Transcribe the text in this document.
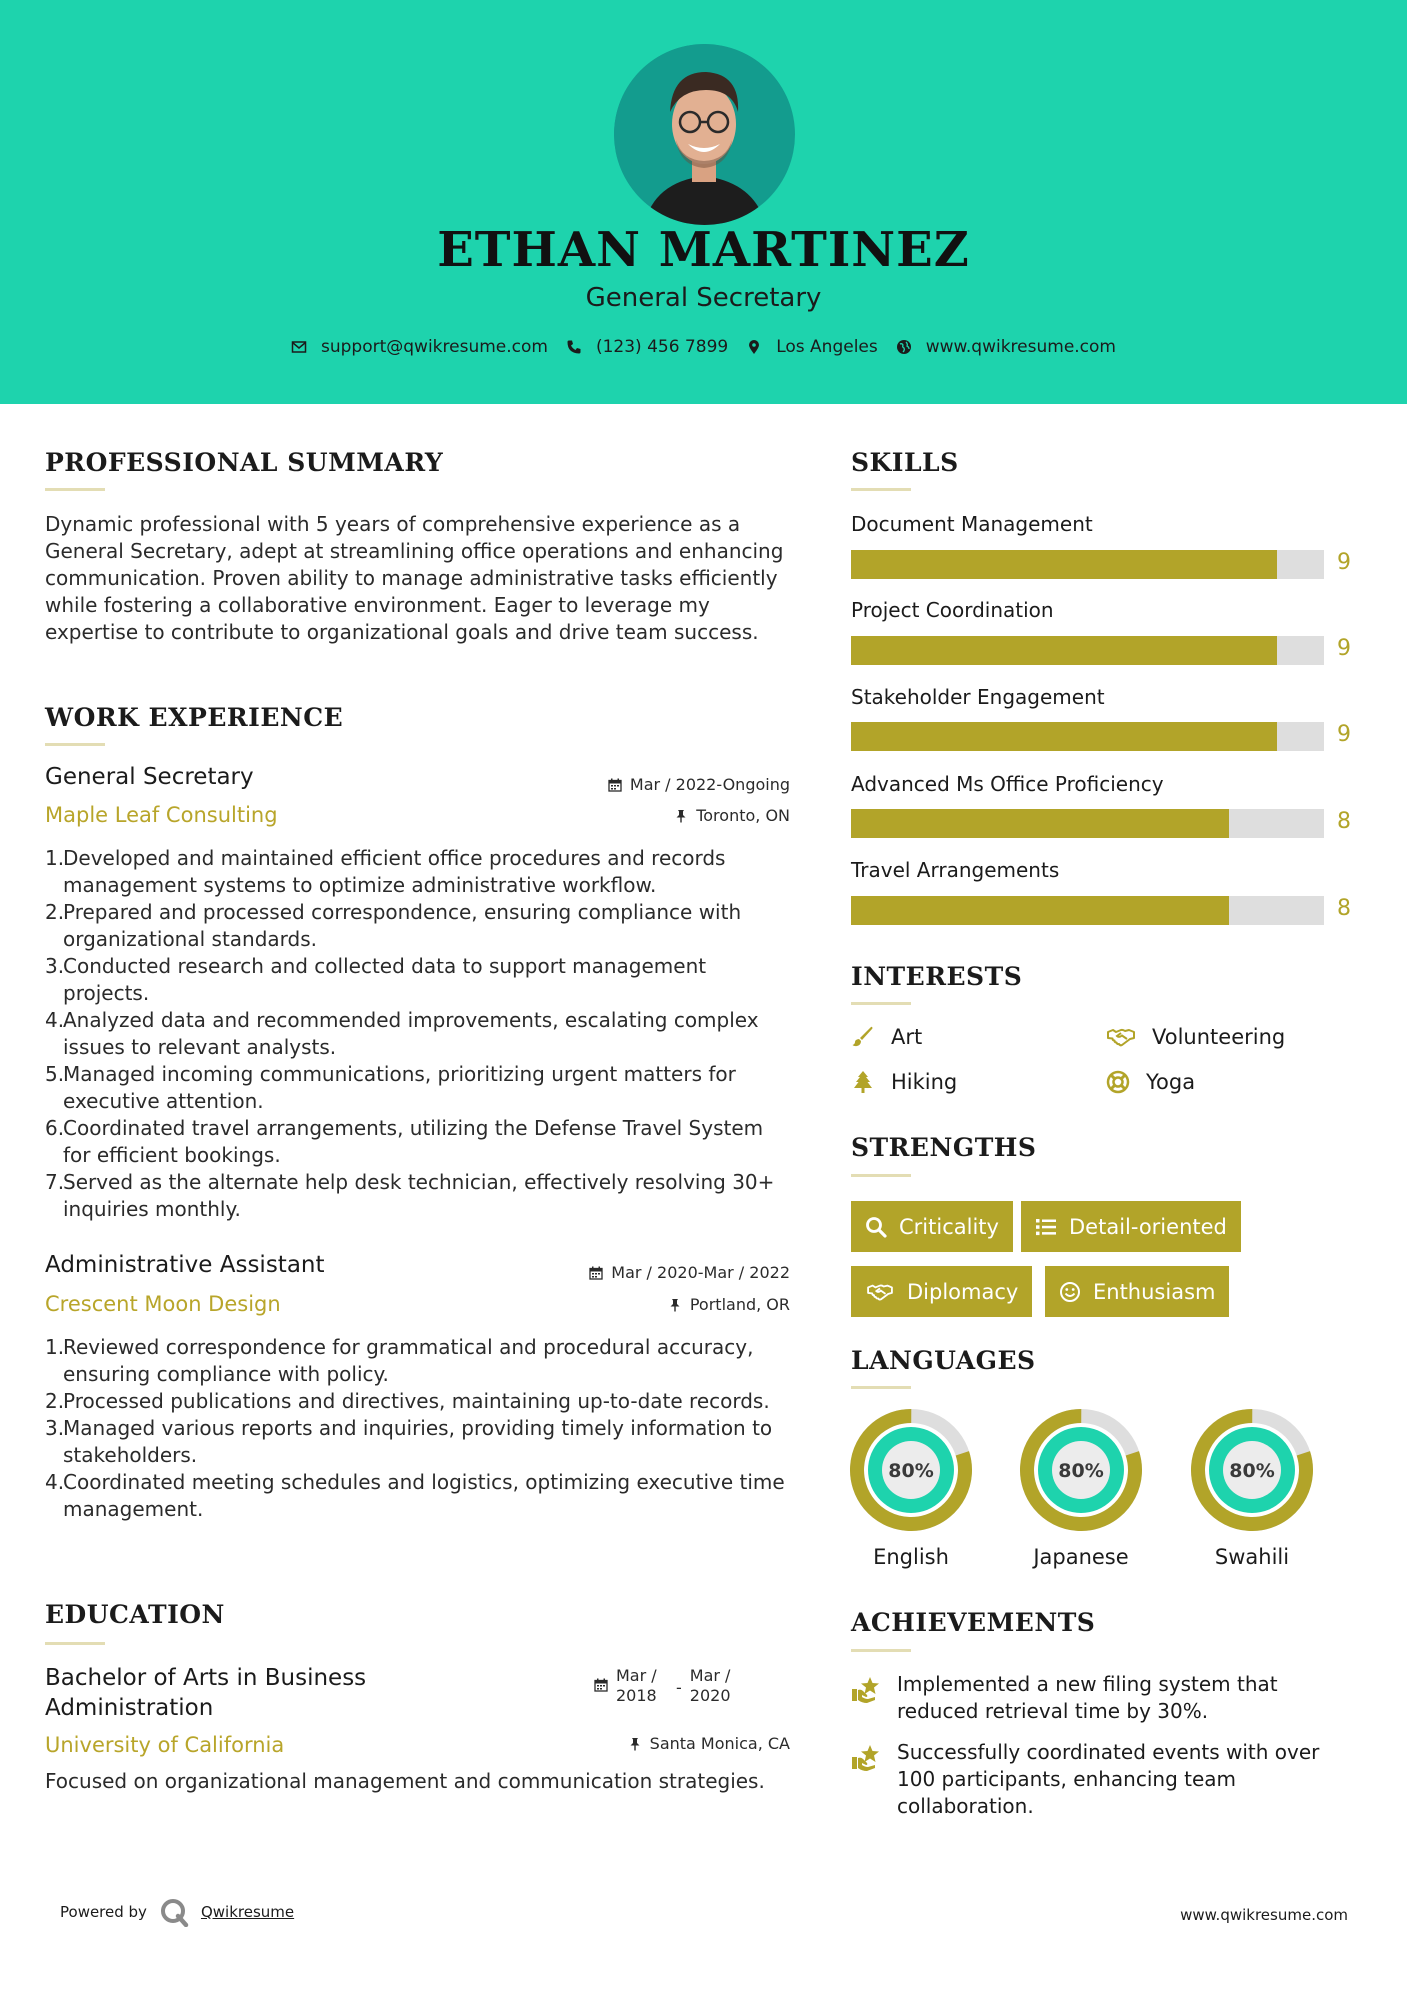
ETHAN MARTINEZ
General Secretary
support@qwikresume.com	(123) 456 7899	Los Angeles	www.qwikresume.com
PROFESSIONAL SUMMARY
Dynamic professional with 5 years of comprehensive experience as a General Secretary, adept at streamlining office operations and enhancing communication. Proven ability to manage administrative tasks efficiently while fostering a collaborative environment. Eager to leverage my expertise to contribute to organizational goals and drive team success.
WORK EXPERIENCE
General Secretary	Mar / 2022-Ongoing
Maple Leaf Consulting	Toronto, ON
1.
Developed and maintained efficient office procedures and records management systems to optimize administrative workflow.
2.
Prepared and processed correspondence, ensuring compliance with organizational standards.
3.
Conducted research and collected data to support management projects.
4.
Analyzed data and recommended improvements, escalating complex issues to relevant analysts.
5.
Managed incoming communications, prioritizing urgent matters for executive attention.
6.
Coordinated travel arrangements, utilizing the Defense Travel System for efficient bookings.
7.
Served as the alternate help desk technician, effectively resolving 30+ inquiries monthly.
Administrative Assistant	Mar / 2020-Mar / 2022
Crescent Moon Design	Portland, OR
1.
Reviewed correspondence for grammatical and procedural accuracy, ensuring compliance with policy.
2.
Processed publications and directives, maintaining up-to-date records.
3.
Managed various reports and inquiries, providing timely information to stakeholders.
4.
Coordinated meeting schedules and logistics, optimizing executive time management.
EDUCATION
Bachelor of Arts in Business Administration
Mar /
2018	-
Mar /
2020
University of California	Santa Monica, CA
Focused on organizational management and communication strategies.
SKILLS
Document Management
9
Project Coordination
9
Stakeholder Engagement
9
Advanced Ms Office Proficiency
8
Travel Arrangements
8
INTERESTS
Art	Volunteering
Hiking	Yoga
STRENGTHS
Criticality	Detail-oriented
Diplomacy	Enthusiasm
LANGUAGES
80%
English
80%
Japanese
80%
Swahili
ACHIEVEMENTS
Implemented a new filing system that reduced retrieval time by 30%.
Successfully coordinated events with over 100 participants, enhancing team collaboration.
Powered by	Qwikresume	www.qwikresume.com
